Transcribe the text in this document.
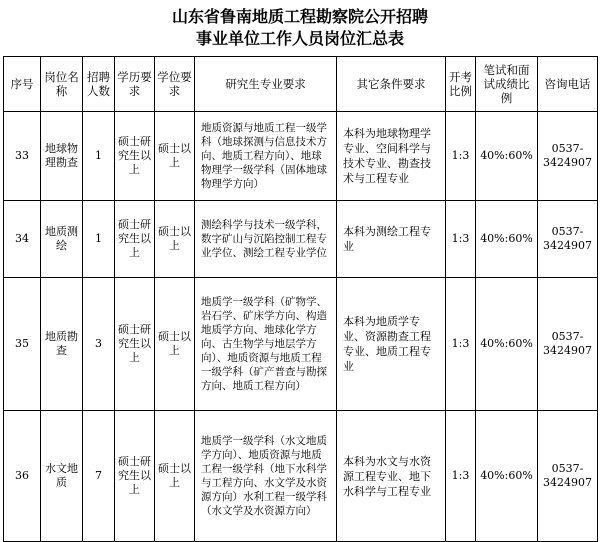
山东省鲁南地质工程勘察院公开招聘
事业单位工作人员岗位汇总表
序号	岗位名称	招聘人数	学历要求	学位要求	研究生专业要求	其它条件要求	开考比例	笔试和面试成绩比例	咨询电话
33	地球物理勘查	1	硕士研究生以上	硕士以上	地质资源与地质工程一级学科（地球探测与信息技术方向、地质工程方向）、地球物理学一级学科（固体地球物理学方向）	本科为地球物理学专业、空间科学与技术专业、勘查技术与工程专业	1:3	40%:60%	0537-3424907
34	地质测绘	1	硕士研究生以上	硕士以上	测绘科学与技术一级学科，数字矿山与沉陷控制工程专业学位、测绘工程专业学位	本科为测绘工程专业	1:3	40%:60%	0537-3424907
35	地质勘查	3	硕士研究生以上	硕士以上	地质学一级学科（矿物学、岩石学、矿床学方向、构造地质学方向、地球化学方向、古生物学与地层学方向）、地质资源与地质工程一级学科（矿产普查与勘探方向、地质工程方向）	本科为地质学专业、资源勘查工程专业、地质工程专业	1:3	40%:60%	0537-3424907
36	水文地质	7	硕士研究生以上	硕士以上	地质学一级学科（水文地质学方向）、地质资源与地质工程一级学科（地下水科学与工程方向、水文学及水资源方向）水利工程一级学科（水文学及水资源方向）	本科为水文与水资源工程专业、地下水科学与工程专业	1:3	40%:60%	0537-3424907
